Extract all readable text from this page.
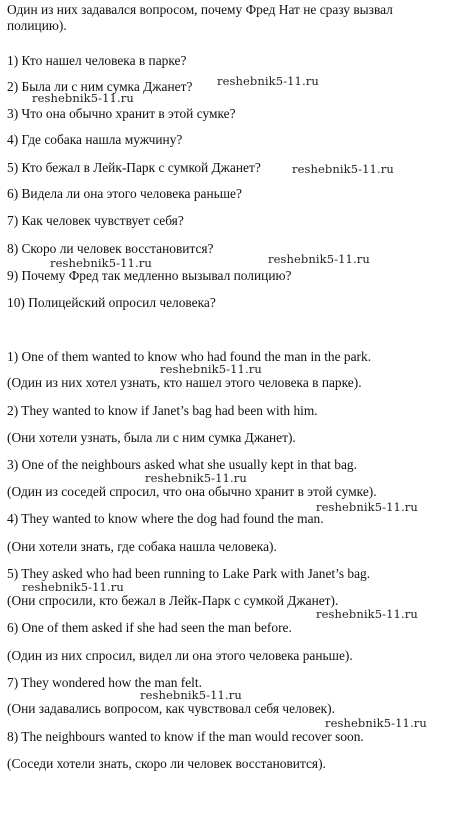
Один из них задавался вопросом, почему Фред Нат не сразу вызвал полицию).
1) Кто нашел человека в парке?
2) Была ли с ним сумка Джанет?
3) Что она обычно хранит в этой сумке?
4) Где собака нашла мужчину?
5) Кто бежал в Лейк-Парк с сумкой Джанет?
6) Видела ли она этого человека раньше?
7) Как человек чувствует себя?
8) Скоро ли человек восстановится?
9) Почему Фред так медленно вызывал полицию?
10) Полицейский опросил человека?
1) One of them wanted to know who had found the man in the park.
(Один из них хотел узнать, кто нашел этого человека в парке).
2) They wanted to know if Janet’s bag had been with him.
(Они хотели узнать, была ли с ним сумка Джанет).
3) One of the neighbours asked what she usually kept in that bag.
(Один из соседей спросил, что она обычно хранит в этой сумке).
4) They wanted to know where the dog had found the man.
(Они хотели знать, где собака нашла человека).
5) They asked who had been running to Lake Park with Janet’s bag.
(Они спросили, кто бежал в Лейк-Парк с сумкой Джанет).
6) One of them asked if she had seen the man before.
(Один из них спросил, видел ли она этого человека раньше).
7) They wondered how the man felt.
(Они задавались вопросом, как чувствовал себя человек).
8) The neighbours wanted to know if the man would recover soon.
(Соседи хотели знать, скоро ли человек восстановится).
reshebnik5-11.ru
reshebnik5-11.ru
reshebnik5-11.ru
reshebnik5-11.ru
reshebnik5-11.ru
reshebnik5-11.ru
reshebnik5-11.ru
reshebnik5-11.ru
reshebnik5-11.ru
reshebnik5-11.ru
reshebnik5-11.ru
reshebnik5-11.ru
